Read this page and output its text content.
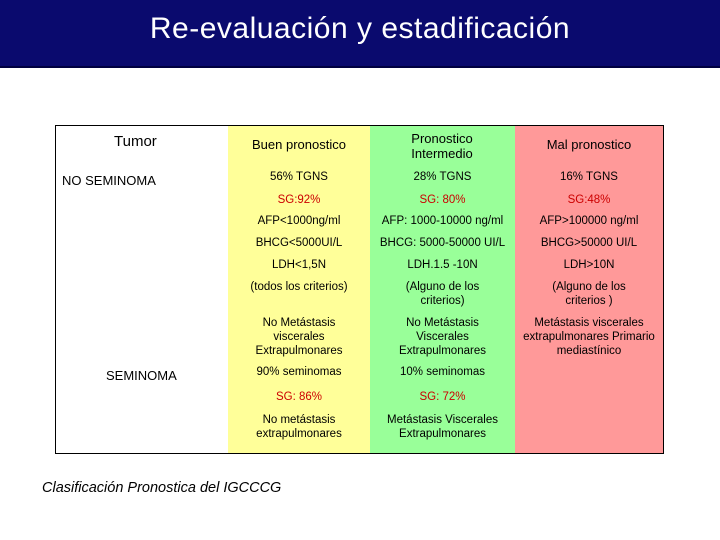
Re-evaluación y estadificación
Tumor
NO SEMINOMA
SEMINOMA
Buen pronostico	Pronostico Intermedio
Mal pronostico
56% TGNS
SG:92%
AFP<1000ng/ml
BHCG<5000UI/L
LDH<1,5N
(todos los criterios)
No Metástasis viscerales Extrapulmonares
28% TGNS
SG: 80%
AFP: 1000-10000 ng/ml
BHCG: 5000-50000 UI/L
LDH.1.5 -10N
(Alguno de los criterios)
No Metástasis Viscerales Extrapulmonares
16% TGNS
SG:48%
AFP>100000 ng/ml
BHCG>50000 UI/L
LDH>10N
(Alguno de los criterios )
Metástasis viscerales extrapulmonares Primario mediastínico
90% seminomas
SG: 86%
No metástasis extrapulmonares
10% seminomas
SG: 72%
Metástasis Viscerales Extrapulmonares
Clasificación Pronostica del IGCCCG
